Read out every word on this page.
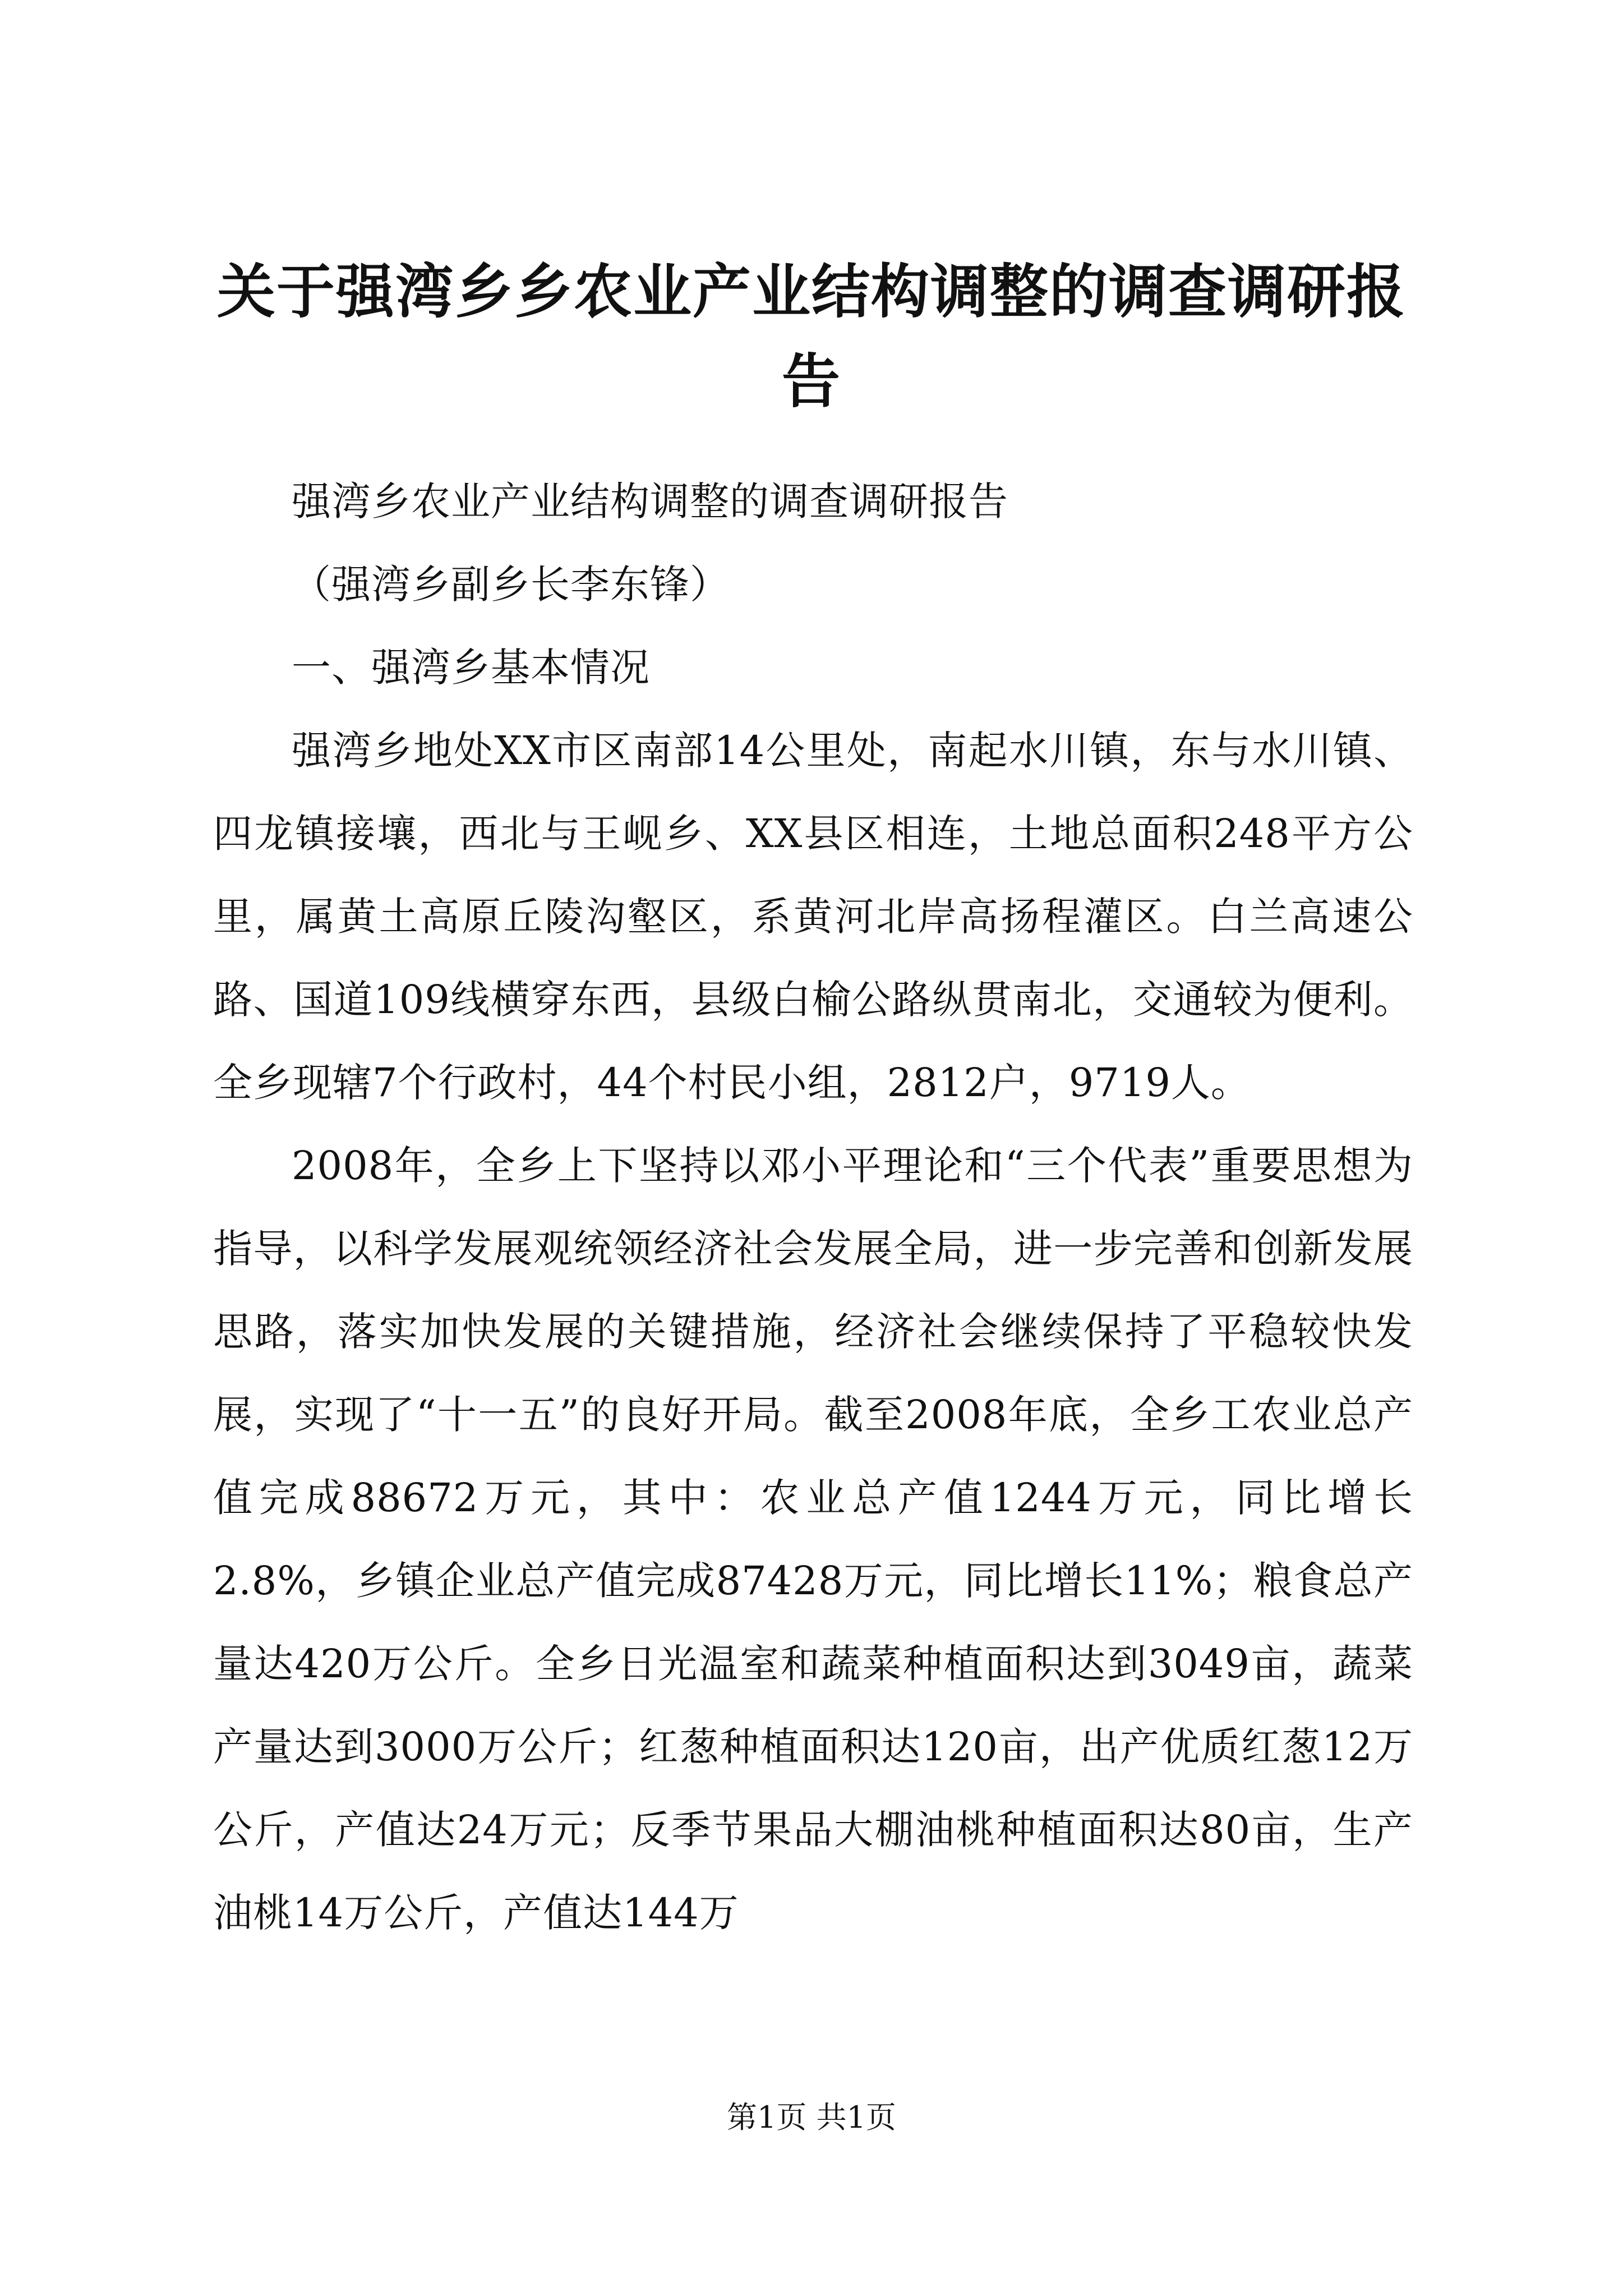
关于强湾乡乡农业产业结构调整的调查调研报告

强湾乡农业产业结构调整的调查调研报告

（强湾乡副乡长李东锋）

一、强湾乡基本情况

强湾乡地处XX市区南部14公里处，南起水川镇，东与水川镇、四龙镇接壤，西北与王岘乡、XX县区相连，土地总面积248平方公里，属黄土高原丘陵沟壑区，系黄河北岸高扬程灌区。白兰高速公路、国道109线横穿东西，县级白榆公路纵贯南北，交通较为便利。全乡现辖7个行政村，44个村民小组，2812户，9719人。

2008年，全乡上下坚持以邓小平理论和“三个代表”重要思想为指导，以科学发展观统领经济社会发展全局，进一步完善和创新发展思路，落实加快发展的关键措施，经济社会继续保持了平稳较快发展，实现了“十一五”的良好开局。截至2008年底，全乡工农业总产值完成88672万元，其中：农业总产值1244万元，同比增长2.8%，乡镇企业总产值完成87428万元，同比增长11%；粮食总产量达420万公斤。全乡日光温室和蔬菜种植面积达到3049亩，蔬菜产量达到3000万公斤；红葱种植面积达120亩，出产优质红葱12万公斤，产值达24万元；反季节果品大棚油桃种植面积达80亩，生产油桃14万公斤，产值达144万

第1页 共1页
